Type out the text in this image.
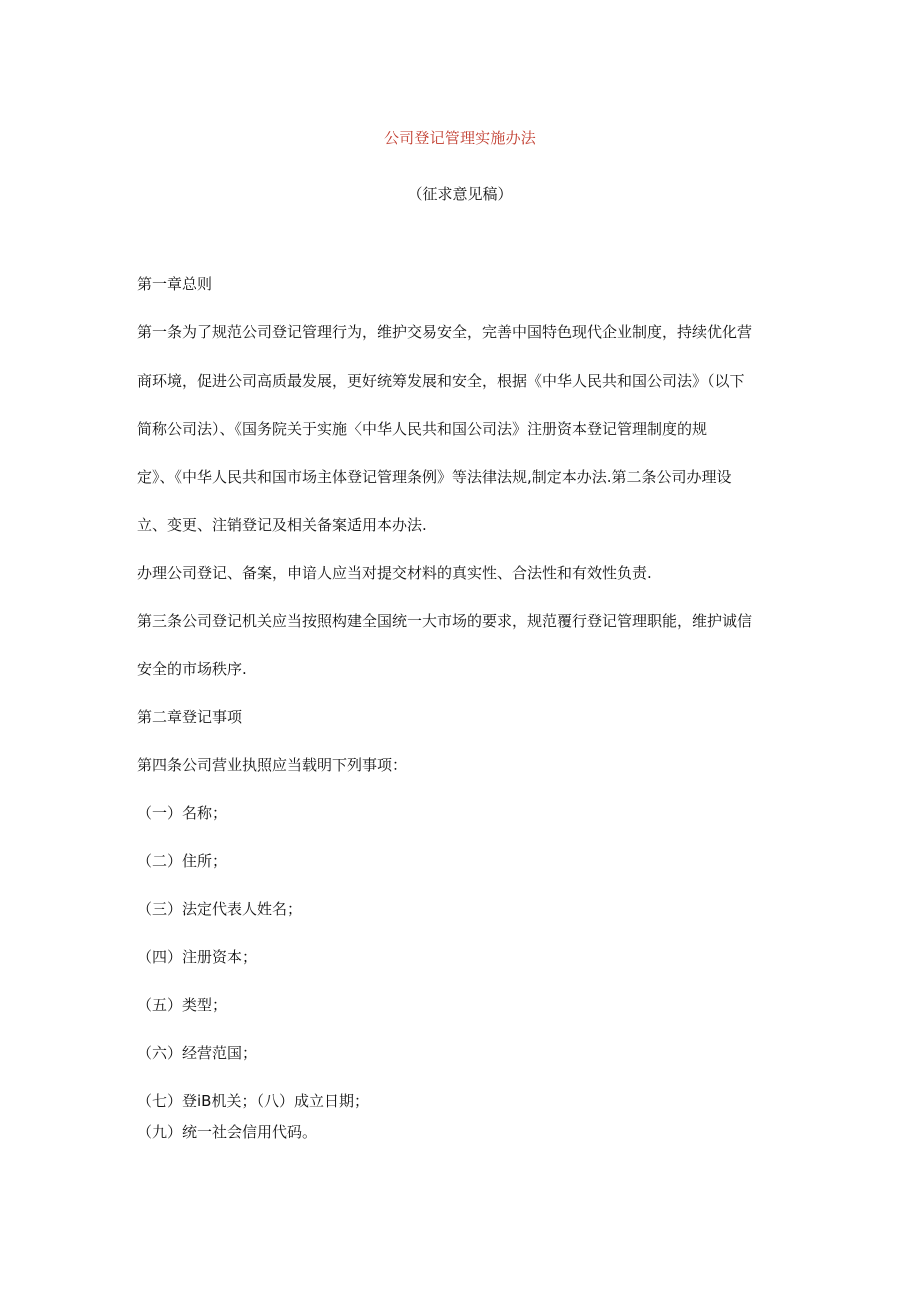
公司登记管理实施办法
（征求意见稿）
第一章总则
第一条为了规范公司登记管理行为，维护交易安全，完善中国特色现代企业制度，持续优化营
商环境，促进公司高质最发展，更好统筹发展和安全，根据《中华人民共和国公司法》（以下
简称公司法）、《国务院关于实施〈中华人民共和国公司法》注册资本登记管理制度的规
定》、《中华人民共和国市场主体登记管理条例》等法律法规,制定本办法.第二条公司办理设
立、变更、注销登记及相关备案适用本办法.
办理公司登记、备案，申谙人应当对提交材料的真实性、合法性和有效性负责.
第三条公司登记机关应当按照构建全国统一大市场的要求，规范覆行登记管理职能，维护诚信
安全的市场秩序.
第二章登记事项
第四条公司营业执照应当载明下列事项：
（一）名称；
（二）住所；
（三）法定代表人姓名；
（四）注册资本；
（五）类型；
（六）经营范国；
（七）登iB机关；（八）成立日期；
（九）统一社会信用代码。
